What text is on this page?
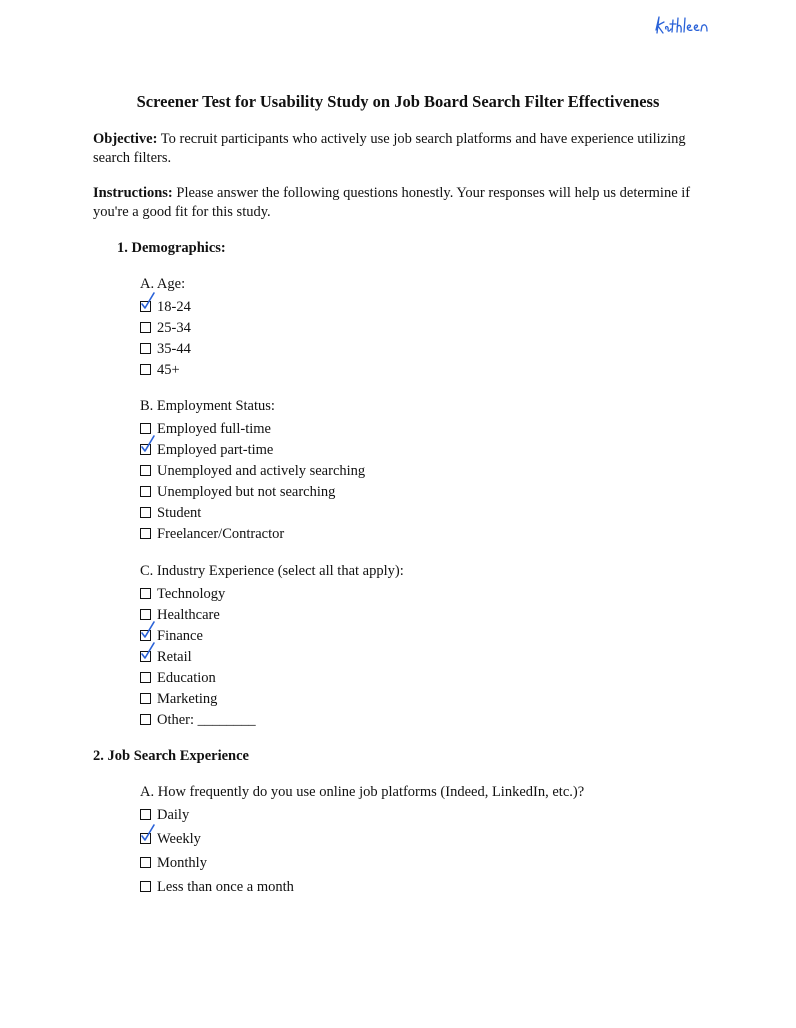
Screener Test for Usability Study on Job Board Search Filter Effectiveness

Objective: To recruit participants who actively use job search platforms and have experience utilizing search filters.

Instructions: Please answer the following questions honestly. Your responses will help us determine if you're a good fit for this study.

1. Demographics:

A. Age:

18-24
25-34
35-44
45+

B. Employment Status:

Employed full-time
Employed part-time
Unemployed and actively searching
Unemployed but not searching
Student
Freelancer/Contractor

C. Industry Experience (select all that apply):

Technology
Healthcare
Finance
Retail
Education
Marketing
Other: ________

2. Job Search Experience

A. How frequently do you use online job platforms (Indeed, LinkedIn, etc.)?

Daily
Weekly
Monthly
Less than once a month
